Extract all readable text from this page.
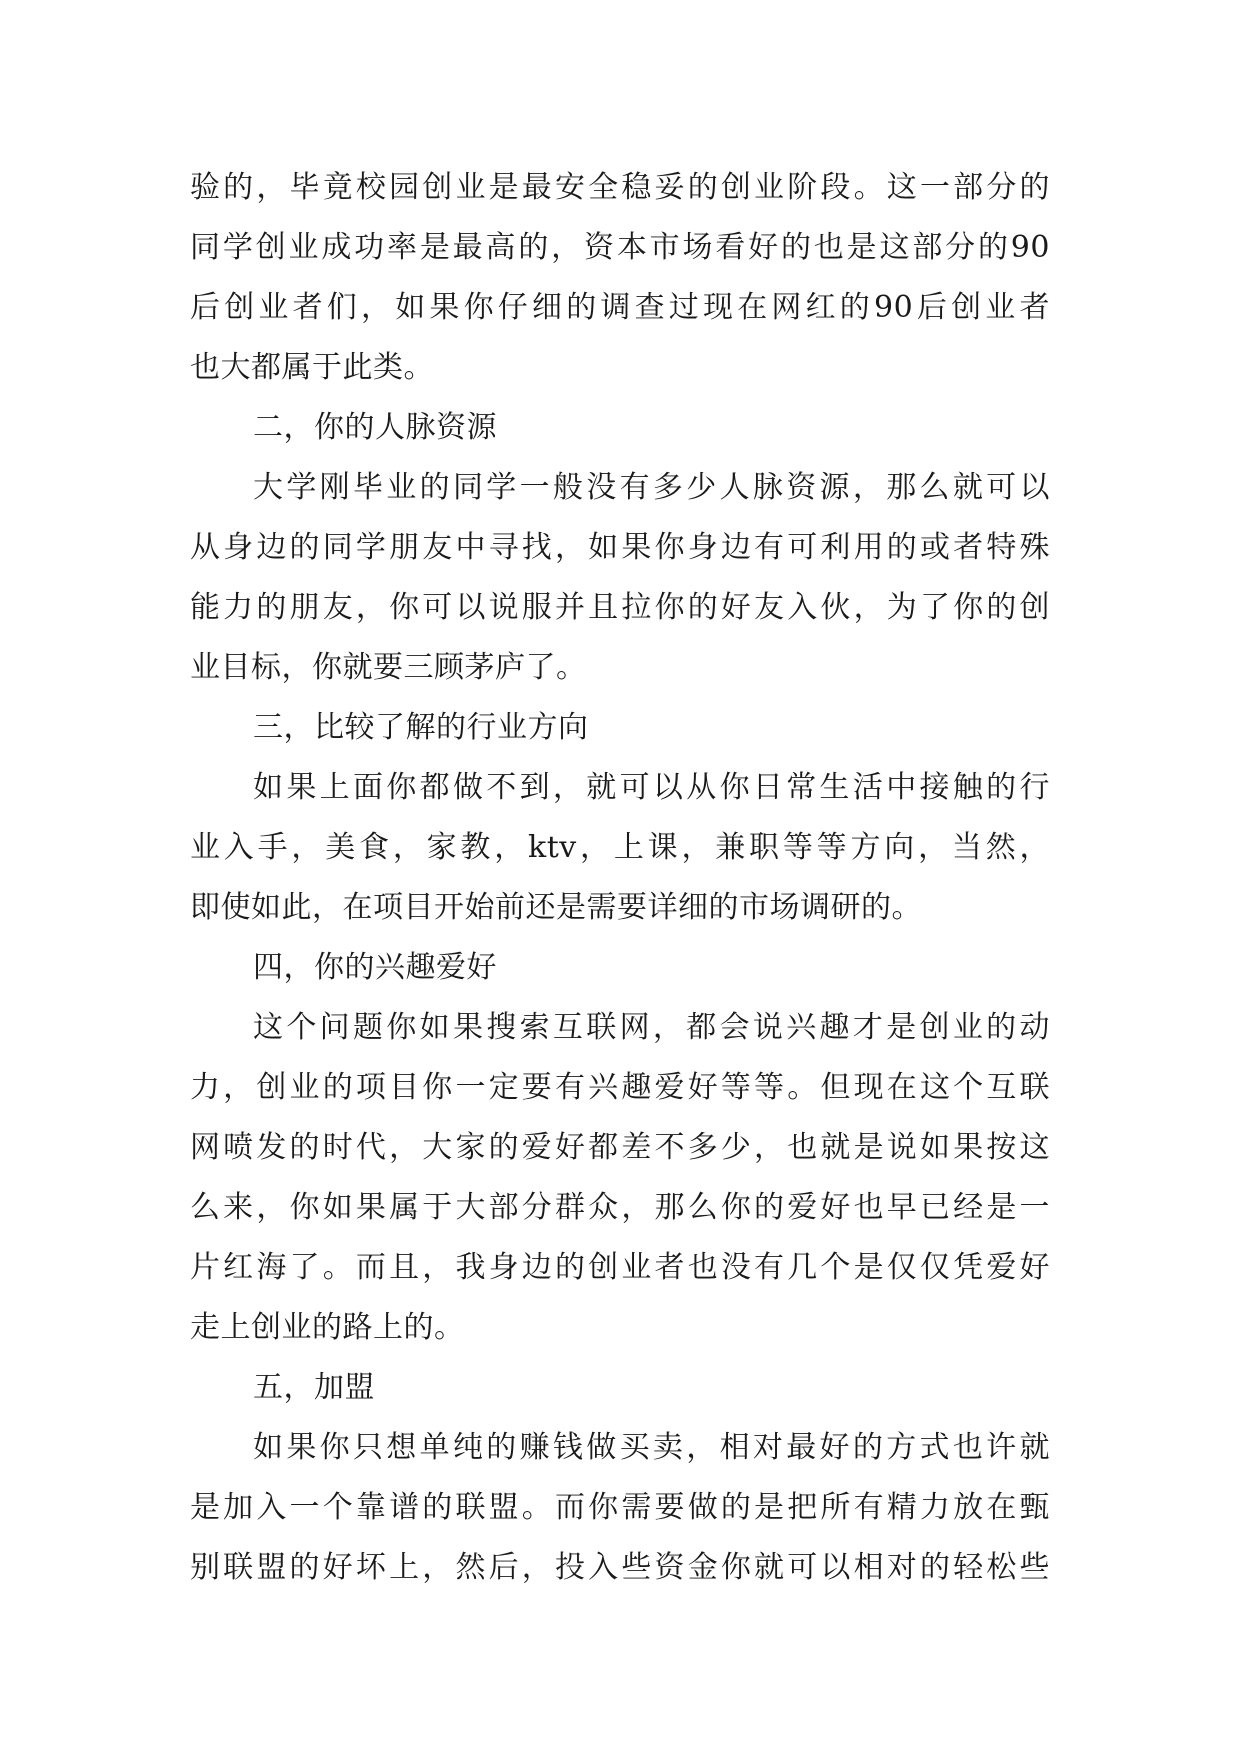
验的，毕竟校园创业是最安全稳妥的创业阶段。这一部分的
同学创业成功率是最高的，资本市场看好的也是这部分的90
后创业者们，如果你仔细的调查过现在网红的90后创业者
也大都属于此类。
二，你的人脉资源
大学刚毕业的同学一般没有多少人脉资源，那么就可以
从身边的同学朋友中寻找，如果你身边有可利用的或者特殊
能力的朋友，你可以说服并且拉你的好友入伙，为了你的创
业目标，你就要三顾茅庐了。
三，比较了解的行业方向
如果上面你都做不到，就可以从你日常生活中接触的行
业入手，美食，家教，ktv，上课，兼职等等方向，当然，
即使如此，在项目开始前还是需要详细的市场调研的。
四，你的兴趣爱好
这个问题你如果搜索互联网，都会说兴趣才是创业的动
力，创业的项目你一定要有兴趣爱好等等。但现在这个互联
网喷发的时代，大家的爱好都差不多少，也就是说如果按这
么来，你如果属于大部分群众，那么你的爱好也早已经是一
片红海了。而且，我身边的创业者也没有几个是仅仅凭爱好
走上创业的路上的。
五，加盟
如果你只想单纯的赚钱做买卖，相对最好的方式也许就
是加入一个靠谱的联盟。而你需要做的是把所有精力放在甄
别联盟的好坏上，然后，投入些资金你就可以相对的轻松些
